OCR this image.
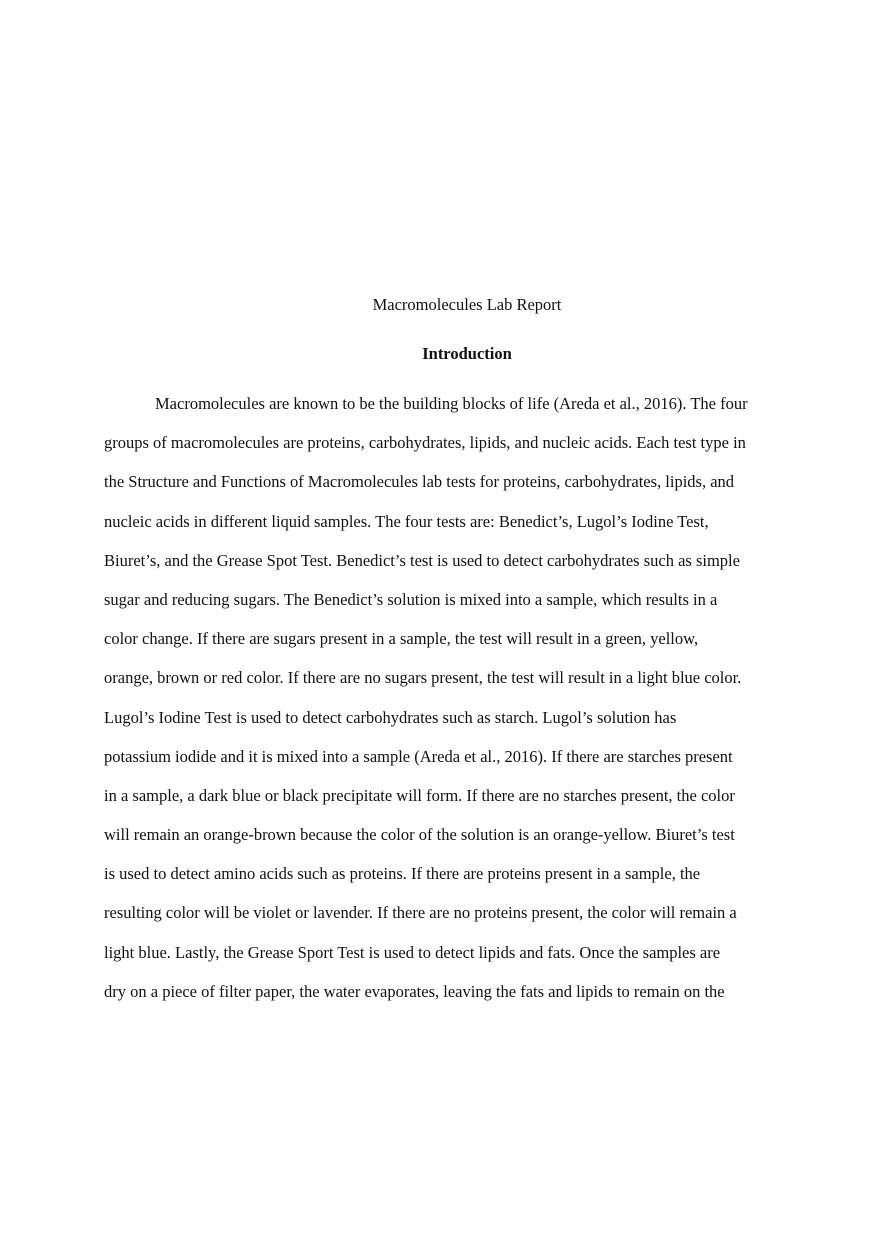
Macromolecules Lab Report
Introduction
Macromolecules are known to be the building blocks of life (Areda et al., 2016). The four
groups of macromolecules are proteins, carbohydrates, lipids, and nucleic acids. Each test type in
the Structure and Functions of Macromolecules lab tests for proteins, carbohydrates, lipids, and
nucleic acids in different liquid samples. The four tests are: Benedict’s, Lugol’s Iodine Test,
Biuret’s, and the Grease Spot Test. Benedict’s test is used to detect carbohydrates such as simple
sugar and reducing sugars. The Benedict’s solution is mixed into a sample, which results in a
color change. If there are sugars present in a sample, the test will result in a green, yellow,
orange, brown or red color. If there are no sugars present, the test will result in a light blue color.
Lugol’s Iodine Test is used to detect carbohydrates such as starch. Lugol’s solution has
potassium iodide and it is mixed into a sample (Areda et al., 2016). If there are starches present
in a sample, a dark blue or black precipitate will form. If there are no starches present, the color
will remain an orange-brown because the color of the solution is an orange-yellow. Biuret’s test
is used to detect amino acids such as proteins. If there are proteins present in a sample, the
resulting color will be violet or lavender. If there are no proteins present, the color will remain a
light blue. Lastly, the Grease Sport Test is used to detect lipids and fats. Once the samples are
dry on a piece of filter paper, the water evaporates, leaving the fats and lipids to remain on the
